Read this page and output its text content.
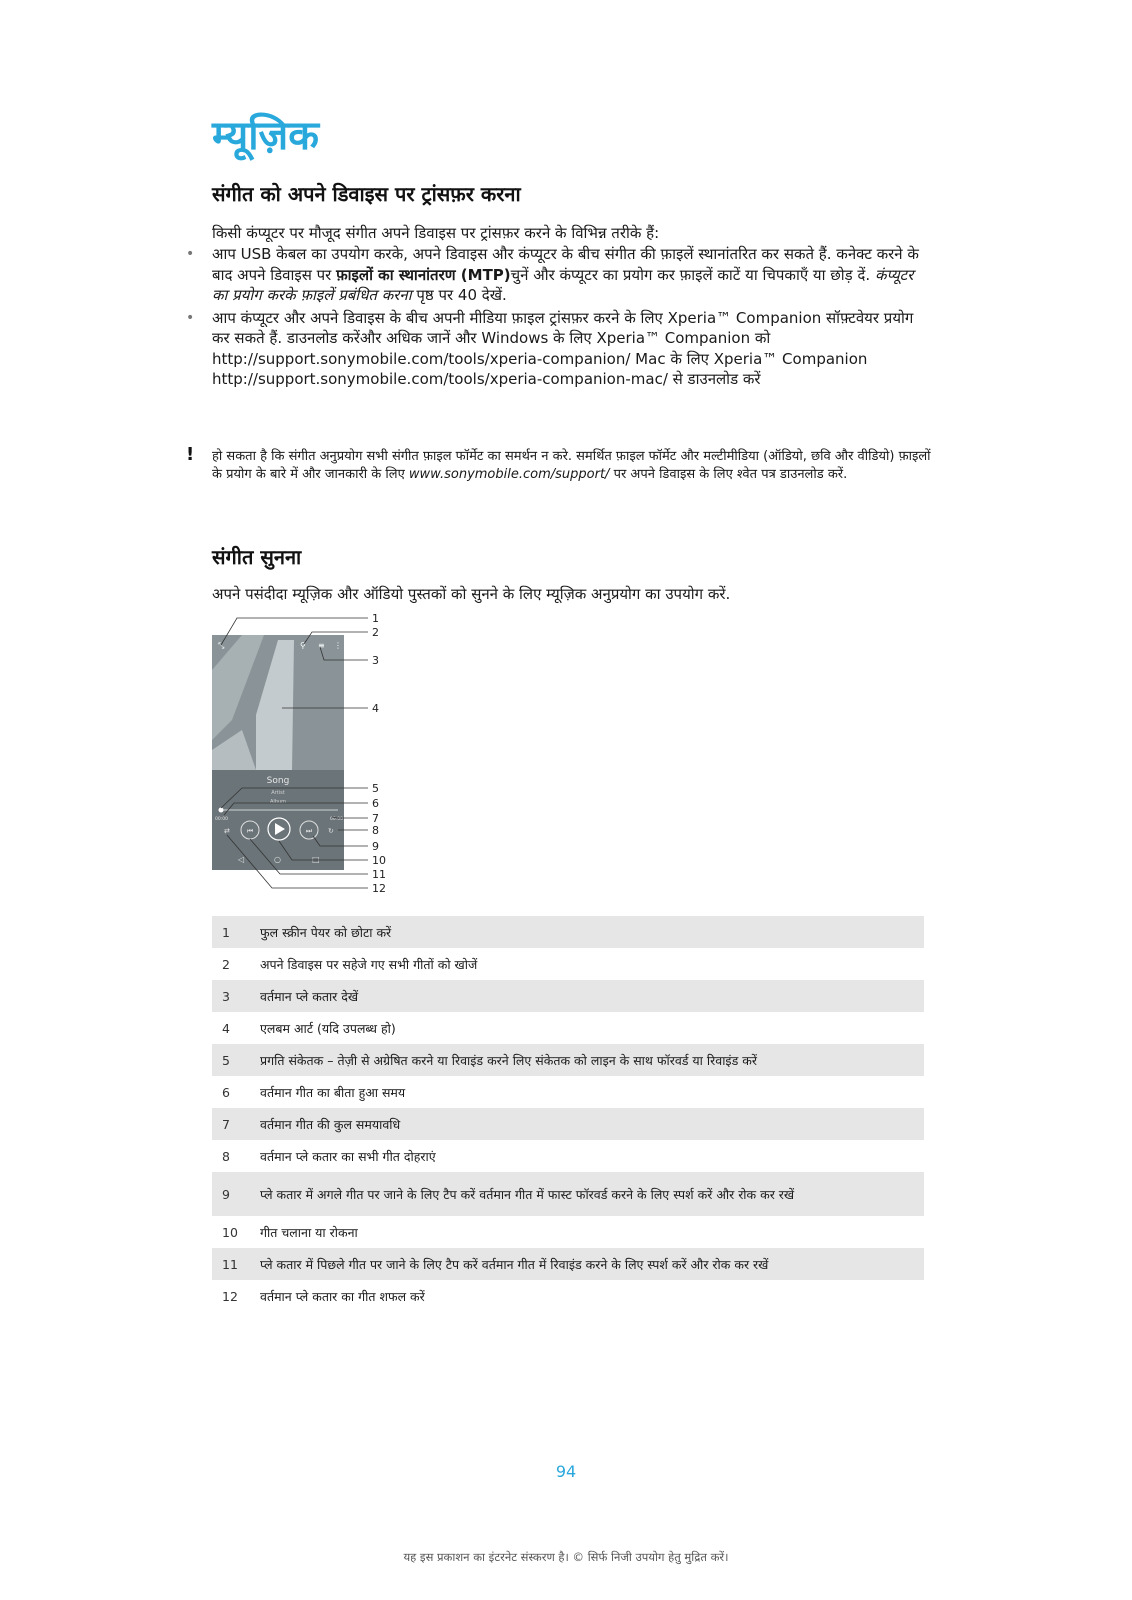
म्यूज़िक
संगीत को अपने डिवाइस पर ट्रांसफ़र करना

किसी कंप्यूटर पर मौजूद संगीत अपने डिवाइस पर ट्रांसफ़र करने के विभिन्न तरीके हैं:

• आप USB केबल का उपयोग करके, अपने डिवाइस और कंप्यूटर के बीच संगीत की फ़ाइलें स्थानांतरित कर सकते हैं. कनेक्ट करने के बाद अपने डिवाइस पर फ़ाइलों का स्थानांतरण (MTP)चुनें और कंप्यूटर का प्रयोग कर फ़ाइलें काटें या चिपकाएँ या छोड़ दें. कंप्यूटर का प्रयोग करके फ़ाइलें प्रबंधित करना पृष्ठ पर 40 देखें.
• आप कंप्यूटर और अपने डिवाइस के बीच अपनी मीडिया फ़ाइल ट्रांसफ़र करने के लिए Xperia™ Companion सॉफ़्टवेयर प्रयोग कर सकते हैं. डाउनलोड करेंऔर अधिक जानें और Windows के लिए Xperia™ Companion को http://support.sonymobile.com/tools/xperia-companion/ Mac के लिए Xperia™ Companion http://support.sonymobile.com/tools/xperia-companion-mac/ से डाउनलोड करें

! हो सकता है कि संगीत अनुप्रयोग सभी संगीत फ़ाइल फॉर्मेट का समर्थन न करे. समर्थित फ़ाइल फॉर्मेट और मल्टीमीडिया (ऑडियो, छवि और वीडियो) फ़ाइलों के प्रयोग के बारे में और जानकारी के लिए www.sonymobile.com/support/ पर अपने डिवाइस के लिए श्वेत पत्र डाउनलोड करें.

संगीत सुनना

अपने पसंदीदा म्यूज़िक और ऑडियो पुस्तकों को सुनने के लिए म्यूज़िक अनुप्रयोग का उपयोग करें.

⤡	⚲ ≡ ⋮
Song
Artist
Album
00:00	00:00
⇄ ⏮	⏭ ↻
◁	○	□
1
2
3
4
5
6
7
8
9
10
11
12
1	फुल स्क्रीन पेयर को छोटा करें
2	अपने डिवाइस पर सहेजे गए सभी गीतों को खोजें
3	वर्तमान प्ले कतार देखें
4	एलबम आर्ट (यदि उपलब्ध हो)
5	प्रगति संकेतक – तेज़ी से अग्रेषित करने या रिवाइंड करने लिए संकेतक को लाइन के साथ फॉरवर्ड या रिवाइंड करें
6	वर्तमान गीत का बीता हुआ समय
7	वर्तमान गीत की कुल समयावधि
8	वर्तमान प्ले कतार का सभी गीत दोहराएं
9	प्ले कतार में अगले गीत पर जाने के लिए टैप करें वर्तमान गीत में फास्ट फॉरवर्ड करने के लिए स्पर्श करें और रोक कर रखें
10	गीत चलाना या रोकना
11	प्ले कतार में पिछले गीत पर जाने के लिए टैप करें वर्तमान गीत में रिवाइंड करने के लिए स्पर्श करें और रोक कर रखें
12	वर्तमान प्ले कतार का गीत शफल करें
94
यह इस प्रकाशन का इंटरनेट संस्करण है। © सिर्फ निजी उपयोग हेतु मुद्रित करें।
